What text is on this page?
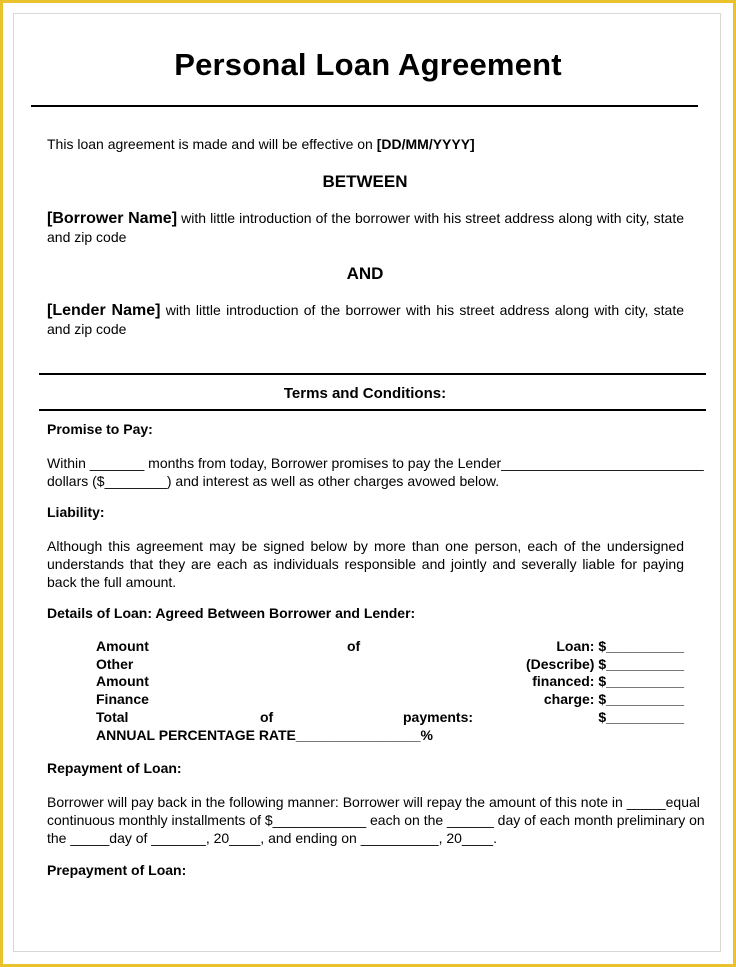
Personal Loan Agreement
This loan agreement is made and will be effective on [DD/MM/YYYY]
BETWEEN
[Borrower Name] with little introduction of the borrower with his street address along with city, state and zip code
AND
[Lender Name] with little introduction of the borrower with his street address along with city, state and zip code
Terms and Conditions:
Promise to Pay:
Within _______ months from today, Borrower promises to pay the Lender __________________________
dollars ($________) and interest as well as other charges avowed below.
Liability:
Although this agreement may be signed below by more than one person, each of the undersigned understands that they are each as individuals responsible and jointly and severally liable for paying back the full amount.
Details of Loan: Agreed Between Borrower and Lender:
Amount	of	Loan: $__________
Other	(Describe) $__________
Amount	financed: $__________
Finance	charge: $__________
Total	of	payments:	$__________
ANNUAL PERCENTAGE RATE________________%
Repayment of Loan:
Borrower will pay back in the following manner: Borrower will repay the amount of this note in _____equal
continuous monthly installments of $____________ each on the ______ day of each month preliminary on
the _____day of _______, 20____, and ending on __________, 20____.
Prepayment of Loan:
